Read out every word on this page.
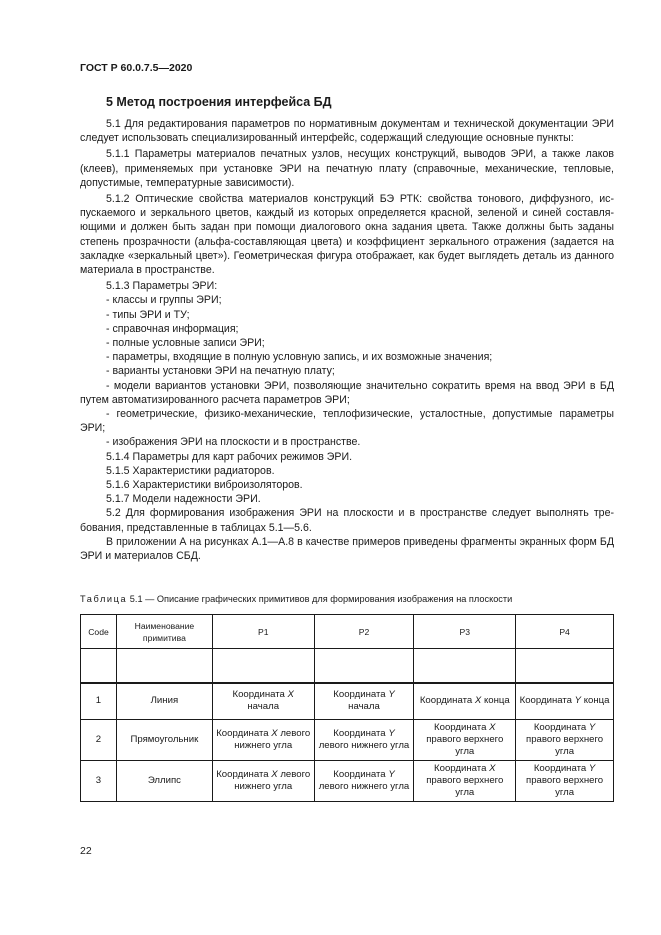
ГОСТ Р 60.0.7.5—2020
5 Метод построения интерфейса БД

5.1 Для редактирования параметров по нормативным документам и технической документации ЭРИ следует использовать специализированный интерфейс, содержащий следующие основные пункты:

5.1.1 Параметры материалов печатных узлов, несущих конструкций, выводов ЭРИ, а также лаков (клеев), применяемых при установке ЭРИ на печатную плату (справочные, механические, тепловые, допустимые, температурные зависимости).

5.1.2 Оптические свойства материалов конструкций БЭ РТК: свойства тонового, диффузного, испускаемого и зеркального цветов, каждый из которых определяется красной, зеленой и синей составляющими и должен быть задан при помощи диалогового окна задания цвета. Также должны быть заданы степень прозрачности (альфа-составляющая цвета) и коэффициент зеркального отражения (задается на закладке «зеркальный цвет»). Геометрическая фигура отображает, как будет выглядеть деталь из данного материала в пространстве.

5.1.3 Параметры ЭРИ:

- классы и группы ЭРИ;

- типы ЭРИ и ТУ;

- справочная информация;

- полные условные записи ЭРИ;

- параметры, входящие в полную условную запись, и их возможные значения;

- варианты установки ЭРИ на печатную плату;

- модели вариантов установки ЭРИ, позволяющие значительно сократить время на ввод ЭРИ в БД путем автоматизированного расчета параметров ЭРИ;

- геометрические, физико-механические, теплофизические, усталостные, допустимые параметры ЭРИ;

- изображения ЭРИ на плоскости и в пространстве.

5.1.4 Параметры для карт рабочих режимов ЭРИ.

5.1.5 Характеристики радиаторов.

5.1.6 Характеристики виброизоляторов.

5.1.7 Модели надежности ЭРИ.

5.2 Для формирования изображения ЭРИ на плоскости и в пространстве следует выполнять требования, представленные в таблицах 5.1—5.6.

В приложении А на рисунках А.1—А.8 в качестве примеров приведены фрагменты экранных форм БД ЭРИ и материалов СБД.

Таблица 5.1 — Описание графических примитивов для формирования изображения на плоскости
Code	Наименование примитива	P1	P2	P3	P4

1	Линия	Координата X начала	Координата Y начала	Координата X конца	Координата Y конца
2	Прямоугольник	Координата X левого нижнего угла	Координата Y левого нижнего угла	Координата X правого верхнего угла	Координата Y правого верхнего угла
3	Эллипс	Координата X левого нижнего угла	Координата Y левого нижнего угла	Координата X правого верхнего угла	Координата Y правого верхнего угла
22
